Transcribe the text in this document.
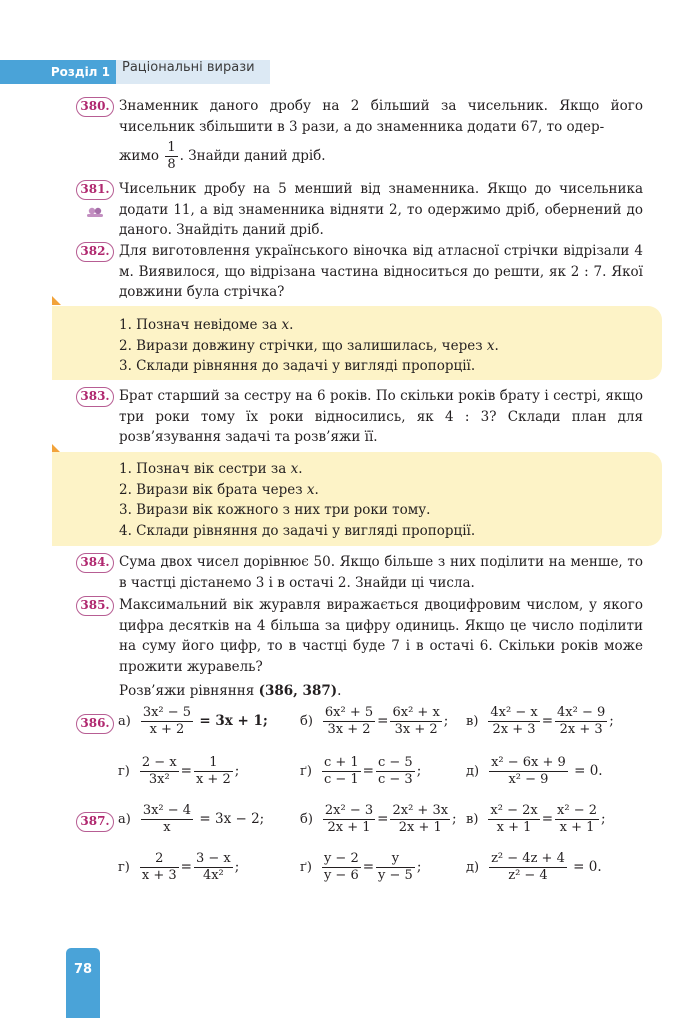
Розділ 1 Раціональні вирази
380. Знаменник даного дробу на 2 більший за чисельник. Якщо його чисельник збільшити в 3 рази, а до знаменника додати 67, то одер-
жимо $\frac{1}{8}$ . Знайди даний дріб.
381. Чисельник дробу на 5 менший від знаменника. Якщо до чисельника додати 11, а від знаменника відняти 2, то одержимо дріб, обернений до даного. Знайдіть даний дріб.
382. Для виготовлення українського віночка від атласної стрічки відрізали 4 м. Виявилося, що відрізана частина відноситься до решти, як 2 : 7. Якої довжини була стрічка?
1. Познач невідоме за x.
2. Вирази довжину стрічки, що залишилась, через x.
3. Склади рівняння до задачі у вигляді пропорції.
383. Брат старший за сестру на 6 років. По скільки років брату і сестрі, якщо три роки тому їх роки відносились, як 4 : 3? Склади план для розв’язування задачі та розв’яжи її.
1. Познач вік сестри за x.
2. Вирази вік брата через x.
3. Вирази вік кожного з них три роки тому.
4. Склади рівняння до задачі у вигляді пропорції.
384. Сума двох чисел дорівнює 50. Якщо більше з них поділити на менше, то в частці дістанемо 3 і в остачі 2. Знайди ці числа.
385. Максимальний вік журавля виражається двоцифровим числом, у якого цифра десятків на 4 більша за цифру одиниць. Якщо це число поділити на суму його цифр, то в частці буде 7 і в остачі 6. Скільки років може прожити журавель?
Розв’яжи рівняння (386, 387).
386. $а) \frac{\text{3x² − 5}}{x + 2} = 3x + 1$; $б) \frac{\text{6x² + 5}}{3x + 2} = \frac{\text{6x² + x}}{3x + 2}$ ; $в) \frac{\text{4x² − x}}{2x + 3} = \frac{\text{4x² − 9}}{2x + 3}$ ;
$г) \frac{2 - x}{\text{3x²}} = \frac{1}{x + 2}$ ;	$ґ) \frac{c + 1}{c - 1} = \frac{c - 5}{c - 3}$ ;	$д) \frac{\text{x² − 6x + 9}}{\text{x² − 9}} = 0$.
387. $а) \frac{\text{3x² − 4}}{x} = 3x - 2$;	$б) \frac{\text{2x² − 3}}{2x + 1} = \frac{\text{2x² + 3x}}{2x + 1}$ ; $в) \frac{\text{x² − 2x}}{x + 1} = \frac{\text{x² − 2}}{x + 1}$ ;
$г) \frac{2}{x + 3} = \frac{3 - x}{\text{4x²}}$ ;	$ґ) \frac{y - 2}{y - 6} = \frac{y}{y - 5}$ ;	$д) \frac{\text{z² − 4z + 4}}{\text{z² − 4}} = 0$.
78
